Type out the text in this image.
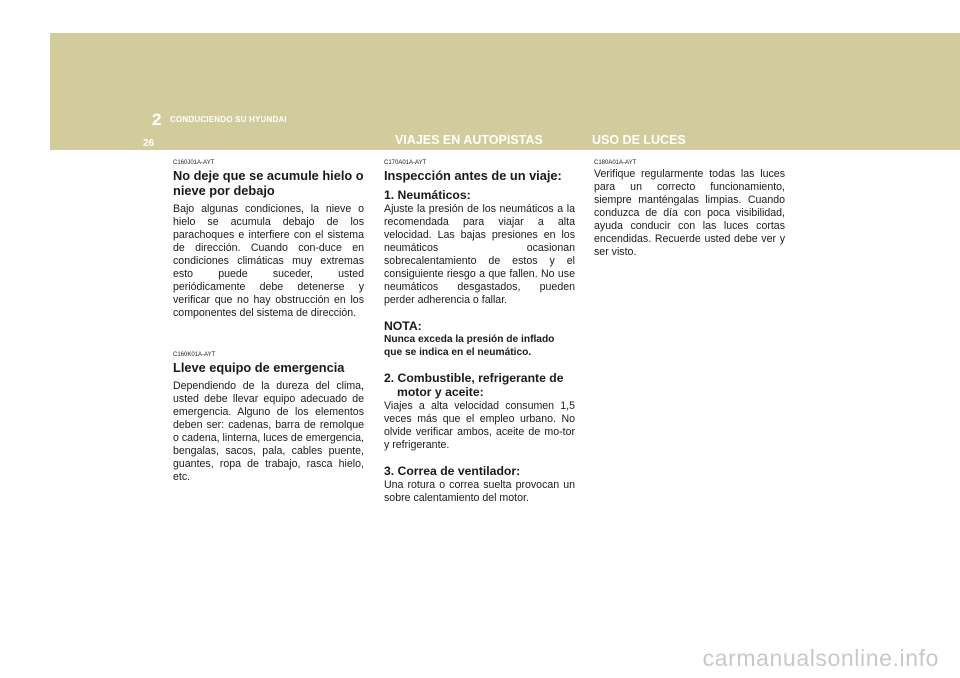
2 CONDUCIENDO SU HYUNDAI
26	VIAJES EN AUTOPISTAS	USO DE LUCES

C160J01A-AYT

No deje que se acumule hielo o nieve por debajo

Bajo algunas condiciones, la nieve o hielo se acumula debajo de los parachoques e interfiere con el sistema de dirección. Cuando con-duce en condiciones climáticas muy extremas esto puede suceder, usted periódicamente debe detenerse y verificar que no hay obstrucción en los componentes del sistema de dirección.

C160K01A-AYT

Lleve equipo de emergencia

Dependiendo de la dureza del clima, usted debe llevar equipo adecuado de emergencia. Alguno de los elementos deben ser: cadenas, barra de remolque o cadena, linterna, luces de emergencia, bengalas, sacos, pala, cables puente, guantes, ropa de trabajo, rasca hielo, etc.

C170A01A-AYT

Inspección antes de un viaje:
1. Neumáticos:

Ajuste la presión de los neumáticos a la recomendada para viajar a alta velocidad. Las bajas presiones en los neumáticos ocasionan sobrecalentamiento de estos y el consiguiente riesgo a que fallen. No use neumáticos desgastados, pueden perder adherencia o fallar.

NOTA:

Nunca exceda la presión de inflado que se indica en el neumático.

2. Combustible, refrigerante de motor y aceite:

Viajes a alta velocidad consumen 1,5 veces más que el empleo urbano. No olvide verificar ambos, aceite de mo-tor y refrigerante.

3. Correa de ventilador:

Una rotura o correa suelta provocan un sobre calentamiento del motor.

C180A01A-AYT

Verifique regularmente todas las luces para un correcto funcionamiento, siempre manténgalas limpias. Cuando conduzca de día con poca visibilidad, ayuda conducir con las luces cortas encendidas. Recuerde usted debe ver y ser visto.

carmanualsonline.info
